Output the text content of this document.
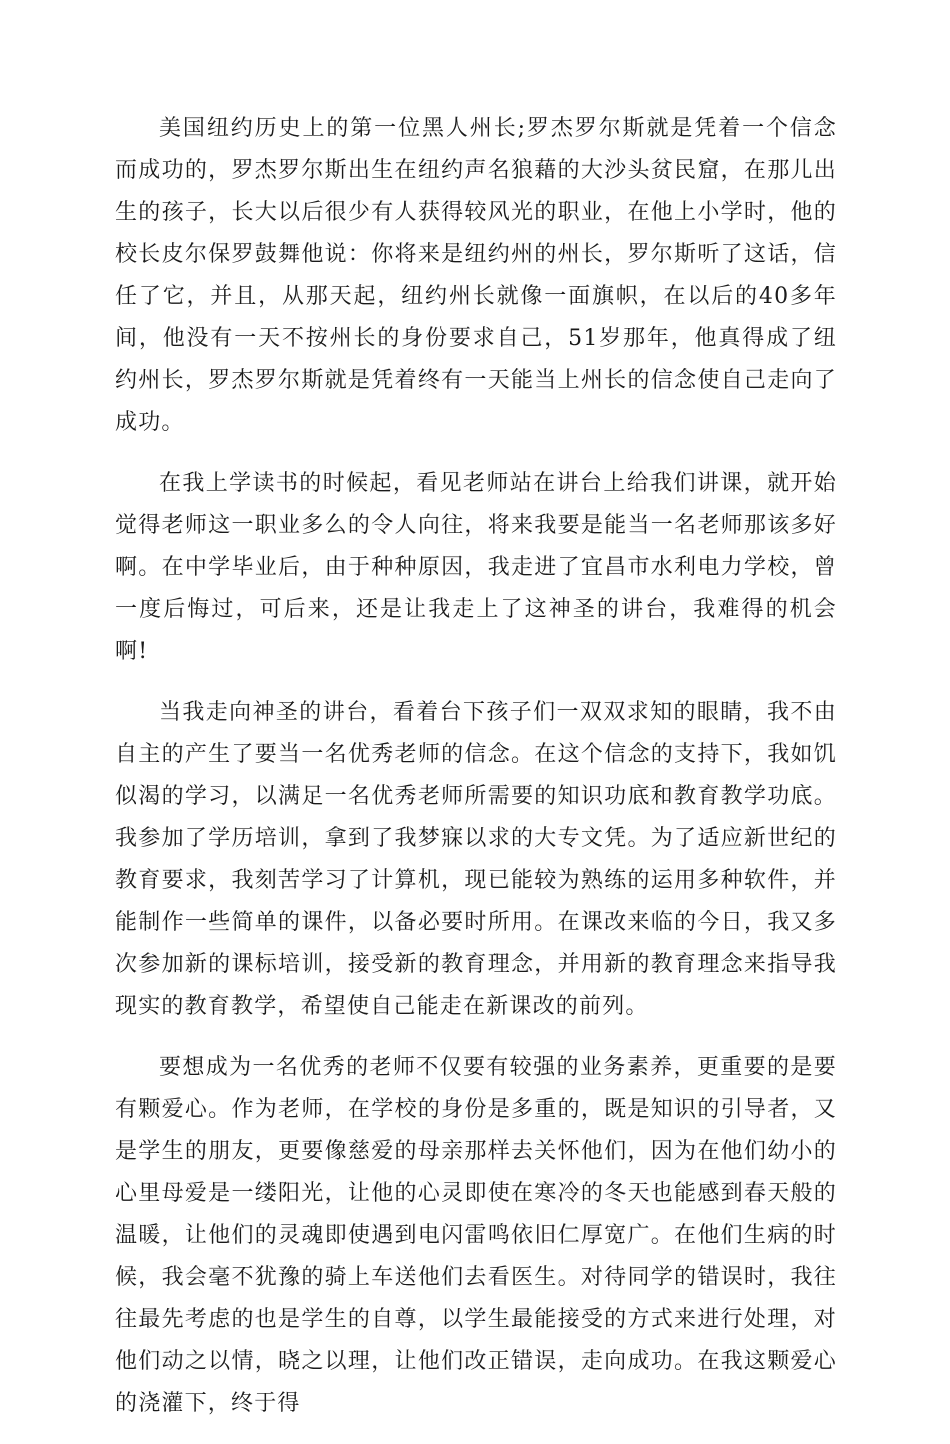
美国纽约历史上的第一位黑人州长;罗杰罗尔斯就是凭着一个信念而成功的，罗杰罗尔斯出生在纽约声名狼藉的大沙头贫民窟，在那儿出生的孩子，长大以后很少有人获得较风光的职业，在他上小学时，他的校长皮尔保罗鼓舞他说：你将来是纽约州的州长，罗尔斯听了这话，信任了它，并且，从那天起，纽约州长就像一面旗帜，在以后的40多年间，他没有一天不按州长的身份要求自己，51岁那年，他真得成了纽约州长，罗杰罗尔斯就是凭着终有一天能当上州长的信念使自己走向了成功。

在我上学读书的时候起，看见老师站在讲台上给我们讲课，就开始觉得老师这一职业多么的令人向往，将来我要是能当一名老师那该多好啊。在中学毕业后，由于种种原因，我走进了宜昌市水利电力学校，曾一度后悔过，可后来，还是让我走上了这神圣的讲台，我难得的机会啊!

当我走向神圣的讲台，看着台下孩子们一双双求知的眼睛，我不由自主的产生了要当一名优秀老师的信念。在这个信念的支持下，我如饥似渴的学习，以满足一名优秀老师所需要的知识功底和教育教学功底。我参加了学历培训，拿到了我梦寐以求的大专文凭。为了适应新世纪的教育要求，我刻苦学习了计算机，现已能较为熟练的运用多种软件，并能制作一些简单的课件，以备必要时所用。在课改来临的今日，我又多次参加新的课标培训，接受新的教育理念，并用新的教育理念来指导我现实的教育教学，希望使自己能走在新课改的前列。

要想成为一名优秀的老师不仅要有较强的业务素养，更重要的是要有颗爱心。作为老师，在学校的身份是多重的，既是知识的引导者，又是学生的朋友，更要像慈爱的母亲那样去关怀他们，因为在他们幼小的心里母爱是一缕阳光，让他的心灵即使在寒冷的冬天也能感到春天般的温暖，让他们的灵魂即使遇到电闪雷鸣依旧仁厚宽广。在他们生病的时候，我会毫不犹豫的骑上车送他们去看医生。对待同学的错误时，我往往最先考虑的也是学生的自尊，以学生最能接受的方式来进行处理，对他们动之以情，晓之以理，让他们改正错误，走向成功。在我这颗爱心的浇灌下，终于得
